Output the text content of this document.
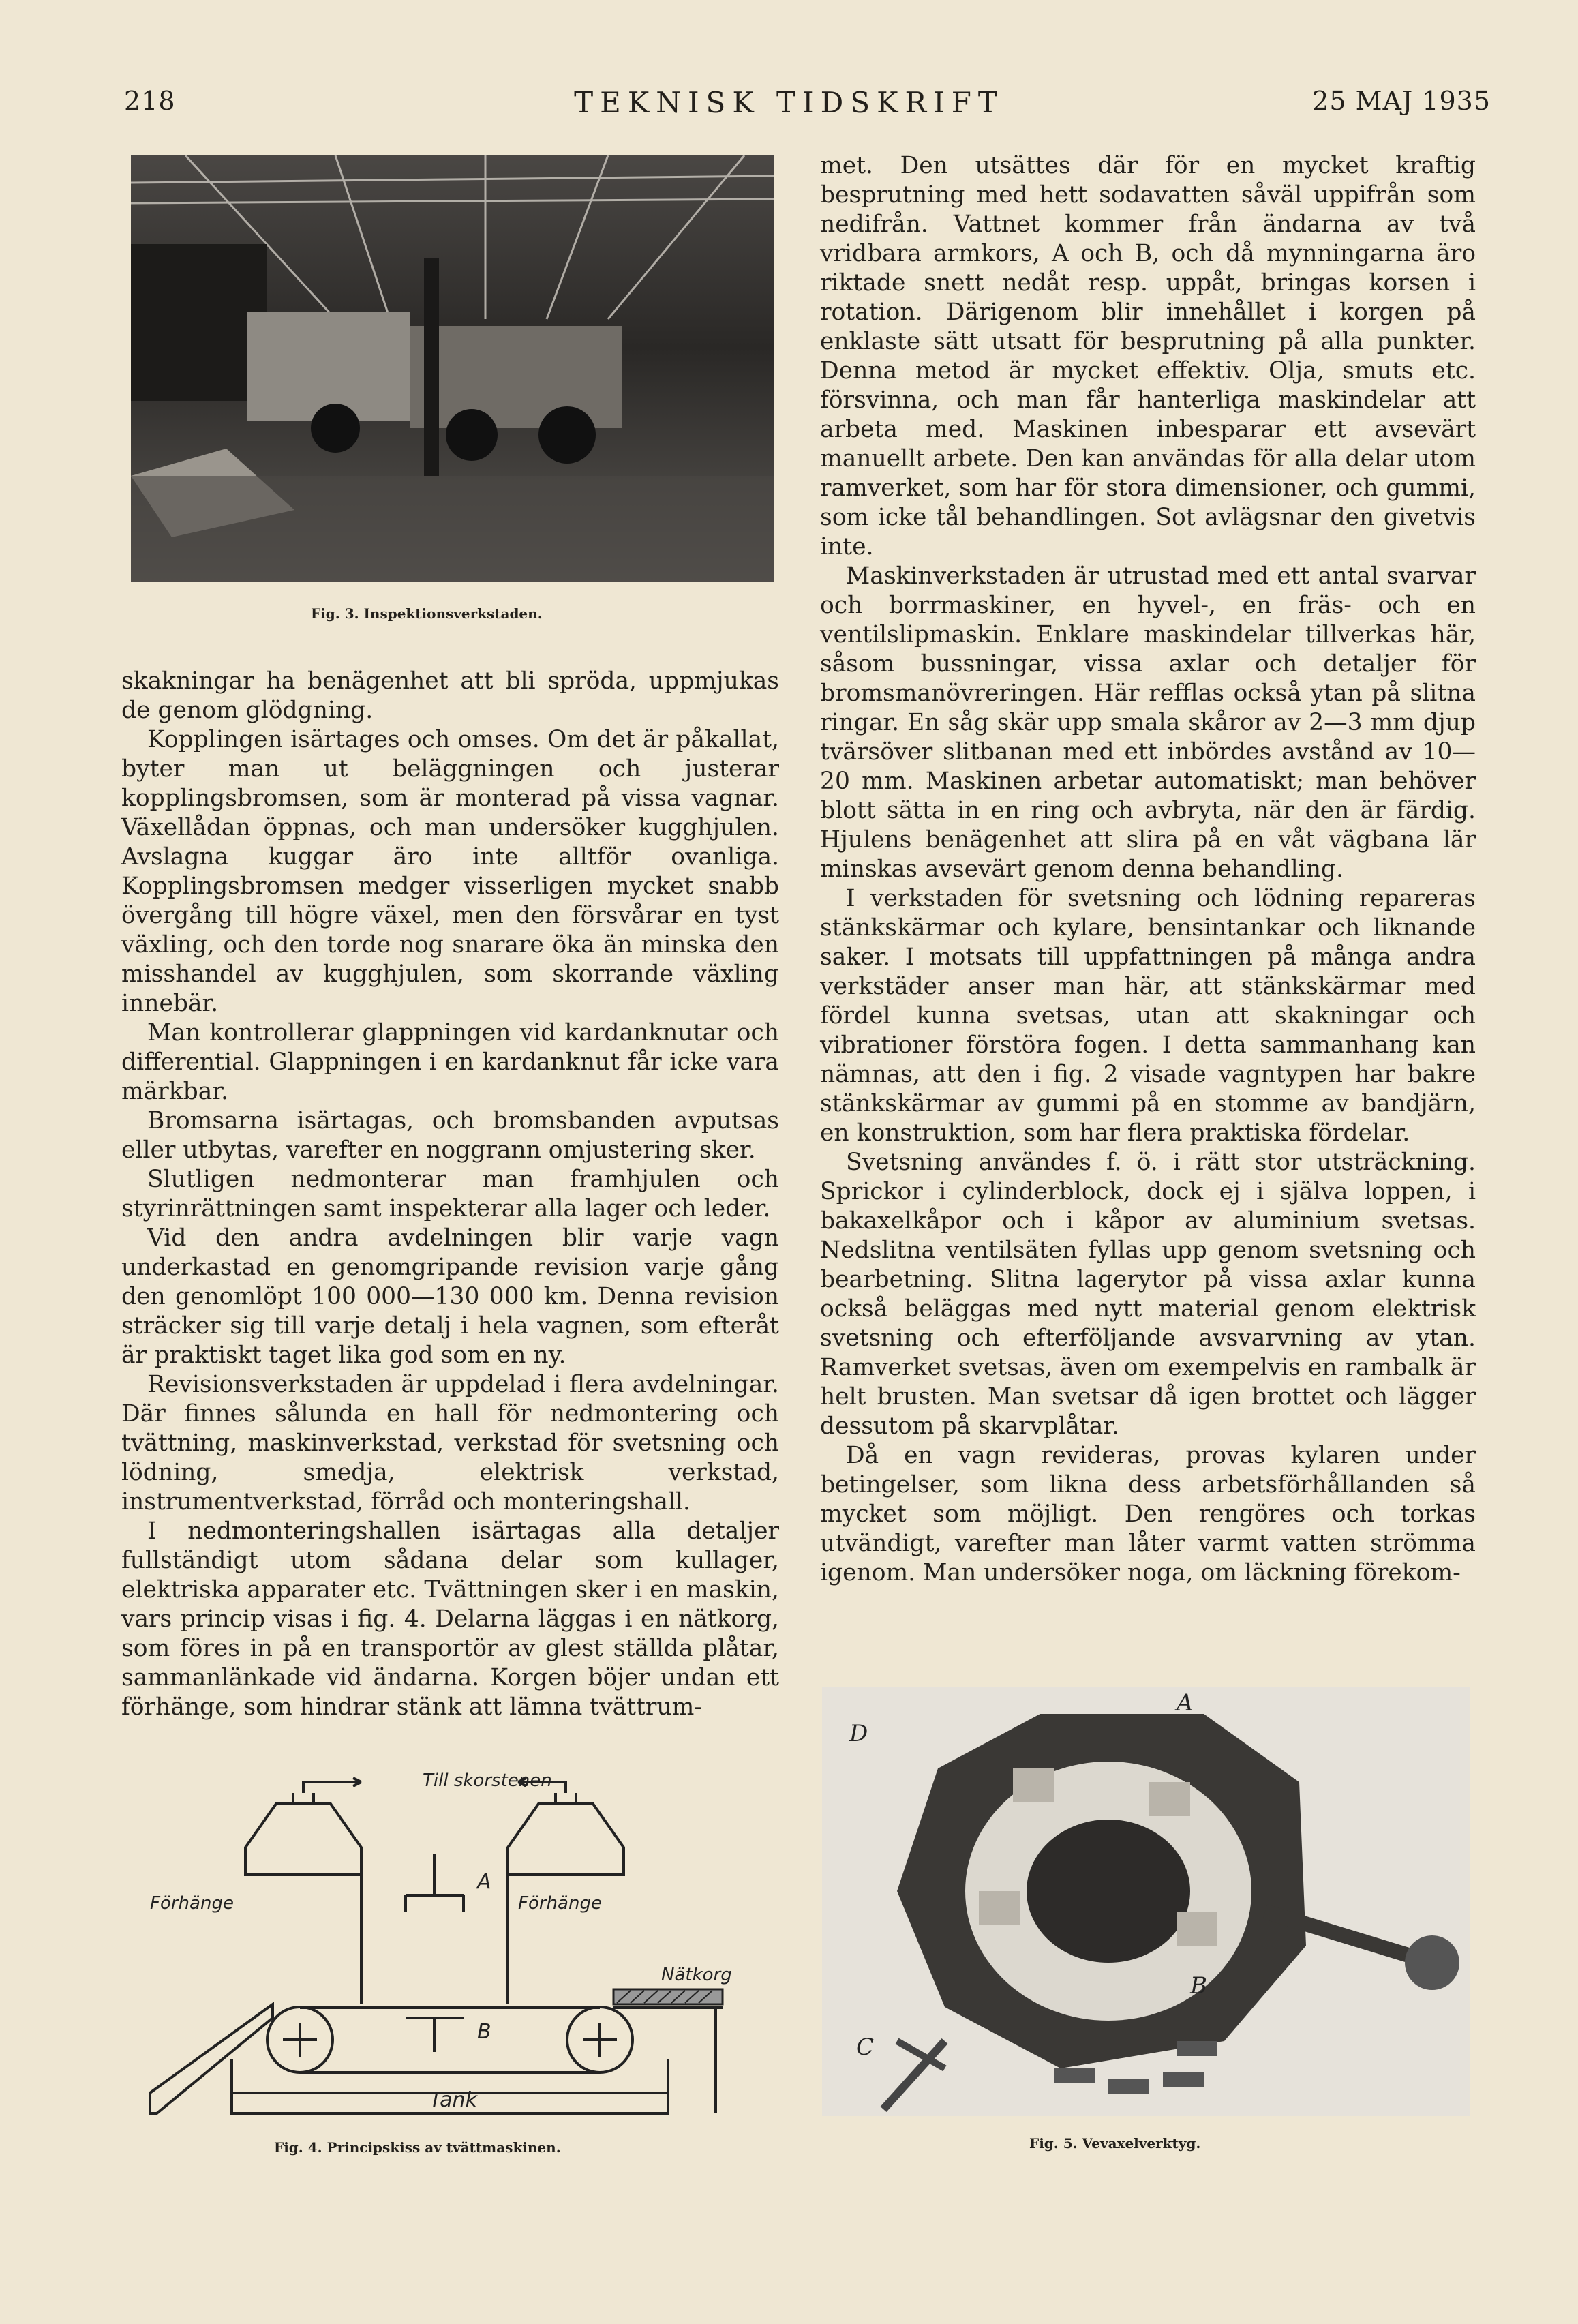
218	TEKNISK TIDSKRIFT	25 MAJ 1935
Fig. 3. Inspektionsverkstaden.

skakningar ha benägenhet att bli spröda, uppmjukas de genom glödgning.

Kopplingen isärtages och omses. Om det är påkallat, byter man ut beläggningen och justerar kopplingsbromsen, som är monterad på vissa vagnar. Växellådan öppnas, och man undersöker kugghjulen. Avslagna kuggar äro inte alltför ovanliga. Kopplingsbromsen medger visserligen mycket snabb övergång till högre växel, men den försvårar en tyst växling, och den torde nog snarare öka än minska den misshandel av kugghjulen, som skorrande växling innebär.

Man kontrollerar glappningen vid kardanknutar och differential. Glappningen i en kardanknut får icke vara märkbar.

Bromsarna isärtagas, och bromsbanden avputsas eller utbytas, varefter en noggrann omjustering sker.

Slutligen nedmonterar man framhjulen och styrinrättningen samt inspekterar alla lager och leder.

Vid den andra avdelningen blir varje vagn underkastad en genomgripande revision varje gång den genomlöpt 100 000—130 000 km. Denna revision sträcker sig till varje detalj i hela vagnen, som efteråt är praktiskt taget lika god som en ny.

Revisionsverkstaden är uppdelad i flera avdelningar. Där finnes sålunda en hall för nedmontering och tvättning, maskinverkstad, verkstad för svetsning och lödning, smedja, elektrisk verkstad, instrumentverkstad, förråd och monteringshall.

I nedmonteringshallen isärtagas alla detaljer fullständigt utom sådana delar som kullager, elektriska apparater etc. Tvättningen sker i en maskin, vars princip visas i fig. 4. Delarna läggas i en nätkorg, som föres in på en transportör av glest ställda plåtar, sammanlänkade vid ändarna. Korgen böjer undan ett förhänge, som hindrar stänk att lämna tvättrum-

met. Den utsättes där för en mycket kraftig besprutning med hett sodavatten såväl uppifrån som nedifrån. Vattnet kommer från ändarna av två vridbara armkors, A och B, och då mynningarna äro riktade snett nedåt resp. uppåt, bringas korsen i rotation. Därigenom blir innehållet i korgen på enklaste sätt utsatt för besprutning på alla punkter. Denna metod är mycket effektiv. Olja, smuts etc. försvinna, och man får hanterliga maskindelar att arbeta med. Maskinen inbesparar ett avsevärt manuellt arbete. Den kan användas för alla delar utom ramverket, som har för stora dimensioner, och gummi, som icke tål behandlingen. Sot avlägsnar den givetvis inte.

Maskinverkstaden är utrustad med ett antal svarvar och borrmaskiner, en hyvel-, en fräs- och en ventilslipmaskin. Enklare maskindelar tillverkas här, såsom bussningar, vissa axlar och detaljer för bromsmanövreringen. Här refflas också ytan på slitna ringar. En såg skär upp smala skåror av 2—3 mm djup tvärsöver slitbanan med ett inbördes avstånd av 10—20 mm. Maskinen arbetar automatiskt; man behöver blott sätta in en ring och avbryta, när den är färdig. Hjulens benägenhet att slira på en våt vägbana lär minskas avsevärt genom denna behandling.

I verkstaden för svetsning och lödning repareras stänkskärmar och kylare, bensintankar och liknande saker. I motsats till uppfattningen på många andra verkstäder anser man här, att stänkskärmar med fördel kunna svetsas, utan att skakningar och vibrationer förstöra fogen. I detta sammanhang kan nämnas, att den i fig. 2 visade vagntypen har bakre stänkskärmar av gummi på en stomme av bandjärn, en konstruktion, som har flera praktiska fördelar.

Svetsning användes f. ö. i rätt stor utsträckning. Sprickor i cylinderblock, dock ej i själva loppen, i bakaxelkåpor och i kåpor av aluminium svetsas. Nedslitna ventilsäten fyllas upp genom svetsning och bearbetning. Slitna lagerytor på vissa axlar kunna också beläggas med nytt material genom elektrisk svetsning och efterföljande avsvarvning av ytan. Ramverket svetsas, även om exempelvis en rambalk är helt brusten. Man svetsar då igen brottet och lägger dessutom på skarvplåtar.

Då en vagn revideras, provas kylaren under betingelser, som likna dess arbetsförhållanden så mycket som möjligt. Den rengöres och torkas utvändigt, varefter man låter varmt vatten strömma igenom. Man undersöker noga, om läckning förekom-

Till skorstenen
Förhänge	Förhänge
A
B
Nätkorg
Tank
Fig. 4. Principskiss av tvättmaskinen.
D
A
B
C
Fig. 5. Vevaxelverktyg.
